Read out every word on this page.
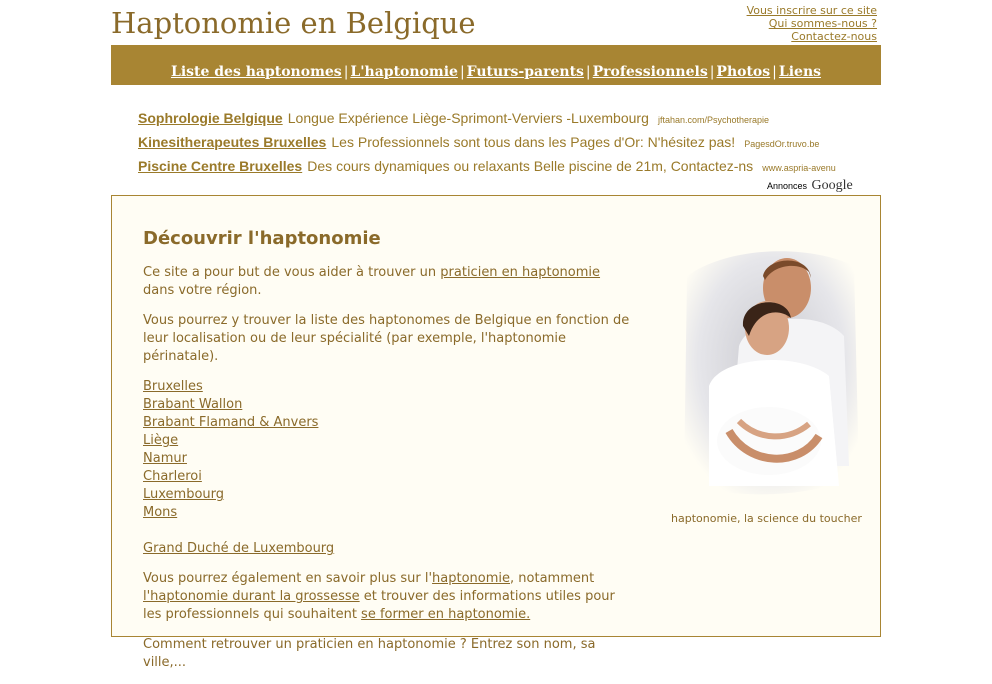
Haptonomie en Belgique	Vous inscrire sur ce site
Qui sommes-nous ?
Contactez-nous
Liste des haptonomes | L'haptonomie | Futurs-parents | Professionnels | Photos | Liens
Sophrologie Belgique Longue Expérience Liège-Sprimont-Verviers -Luxembourg jftahan.com/Psychotherapie
Kinesitherapeutes Bruxelles Les Professionnels sont tous dans les Pages d'Or: N'hésitez pas! PagesdOr.truvo.be
Piscine Centre Bruxelles Des cours dynamiques ou relaxants Belle piscine de 21m, Contactez-ns www.aspria-avenu
Annonces Google
Découvrir l'haptonomie

Ce site a pour but de vous aider à trouver un praticien en haptonomie dans votre région.

Vous pourrez y trouver la liste des haptonomes de Belgique en fonction de leur localisation ou de leur spécialité (par exemple, l'haptonomie périnatale).

Bruxelles
Brabant Wallon
Brabant Flamand & Anvers
Liège
Namur
Charleroi
Luxembourg
Mons

Grand Duché de Luxembourg

Vous pourrez également en savoir plus sur l'haptonomie, notamment l'haptonomie durant la grossesse et trouver des informations utiles pour les professionnels qui souhaitent se former en haptonomie.

Comment retrouver un praticien en haptonomie ? Entrez son nom, sa ville,...

haptonomie, la science du toucher
